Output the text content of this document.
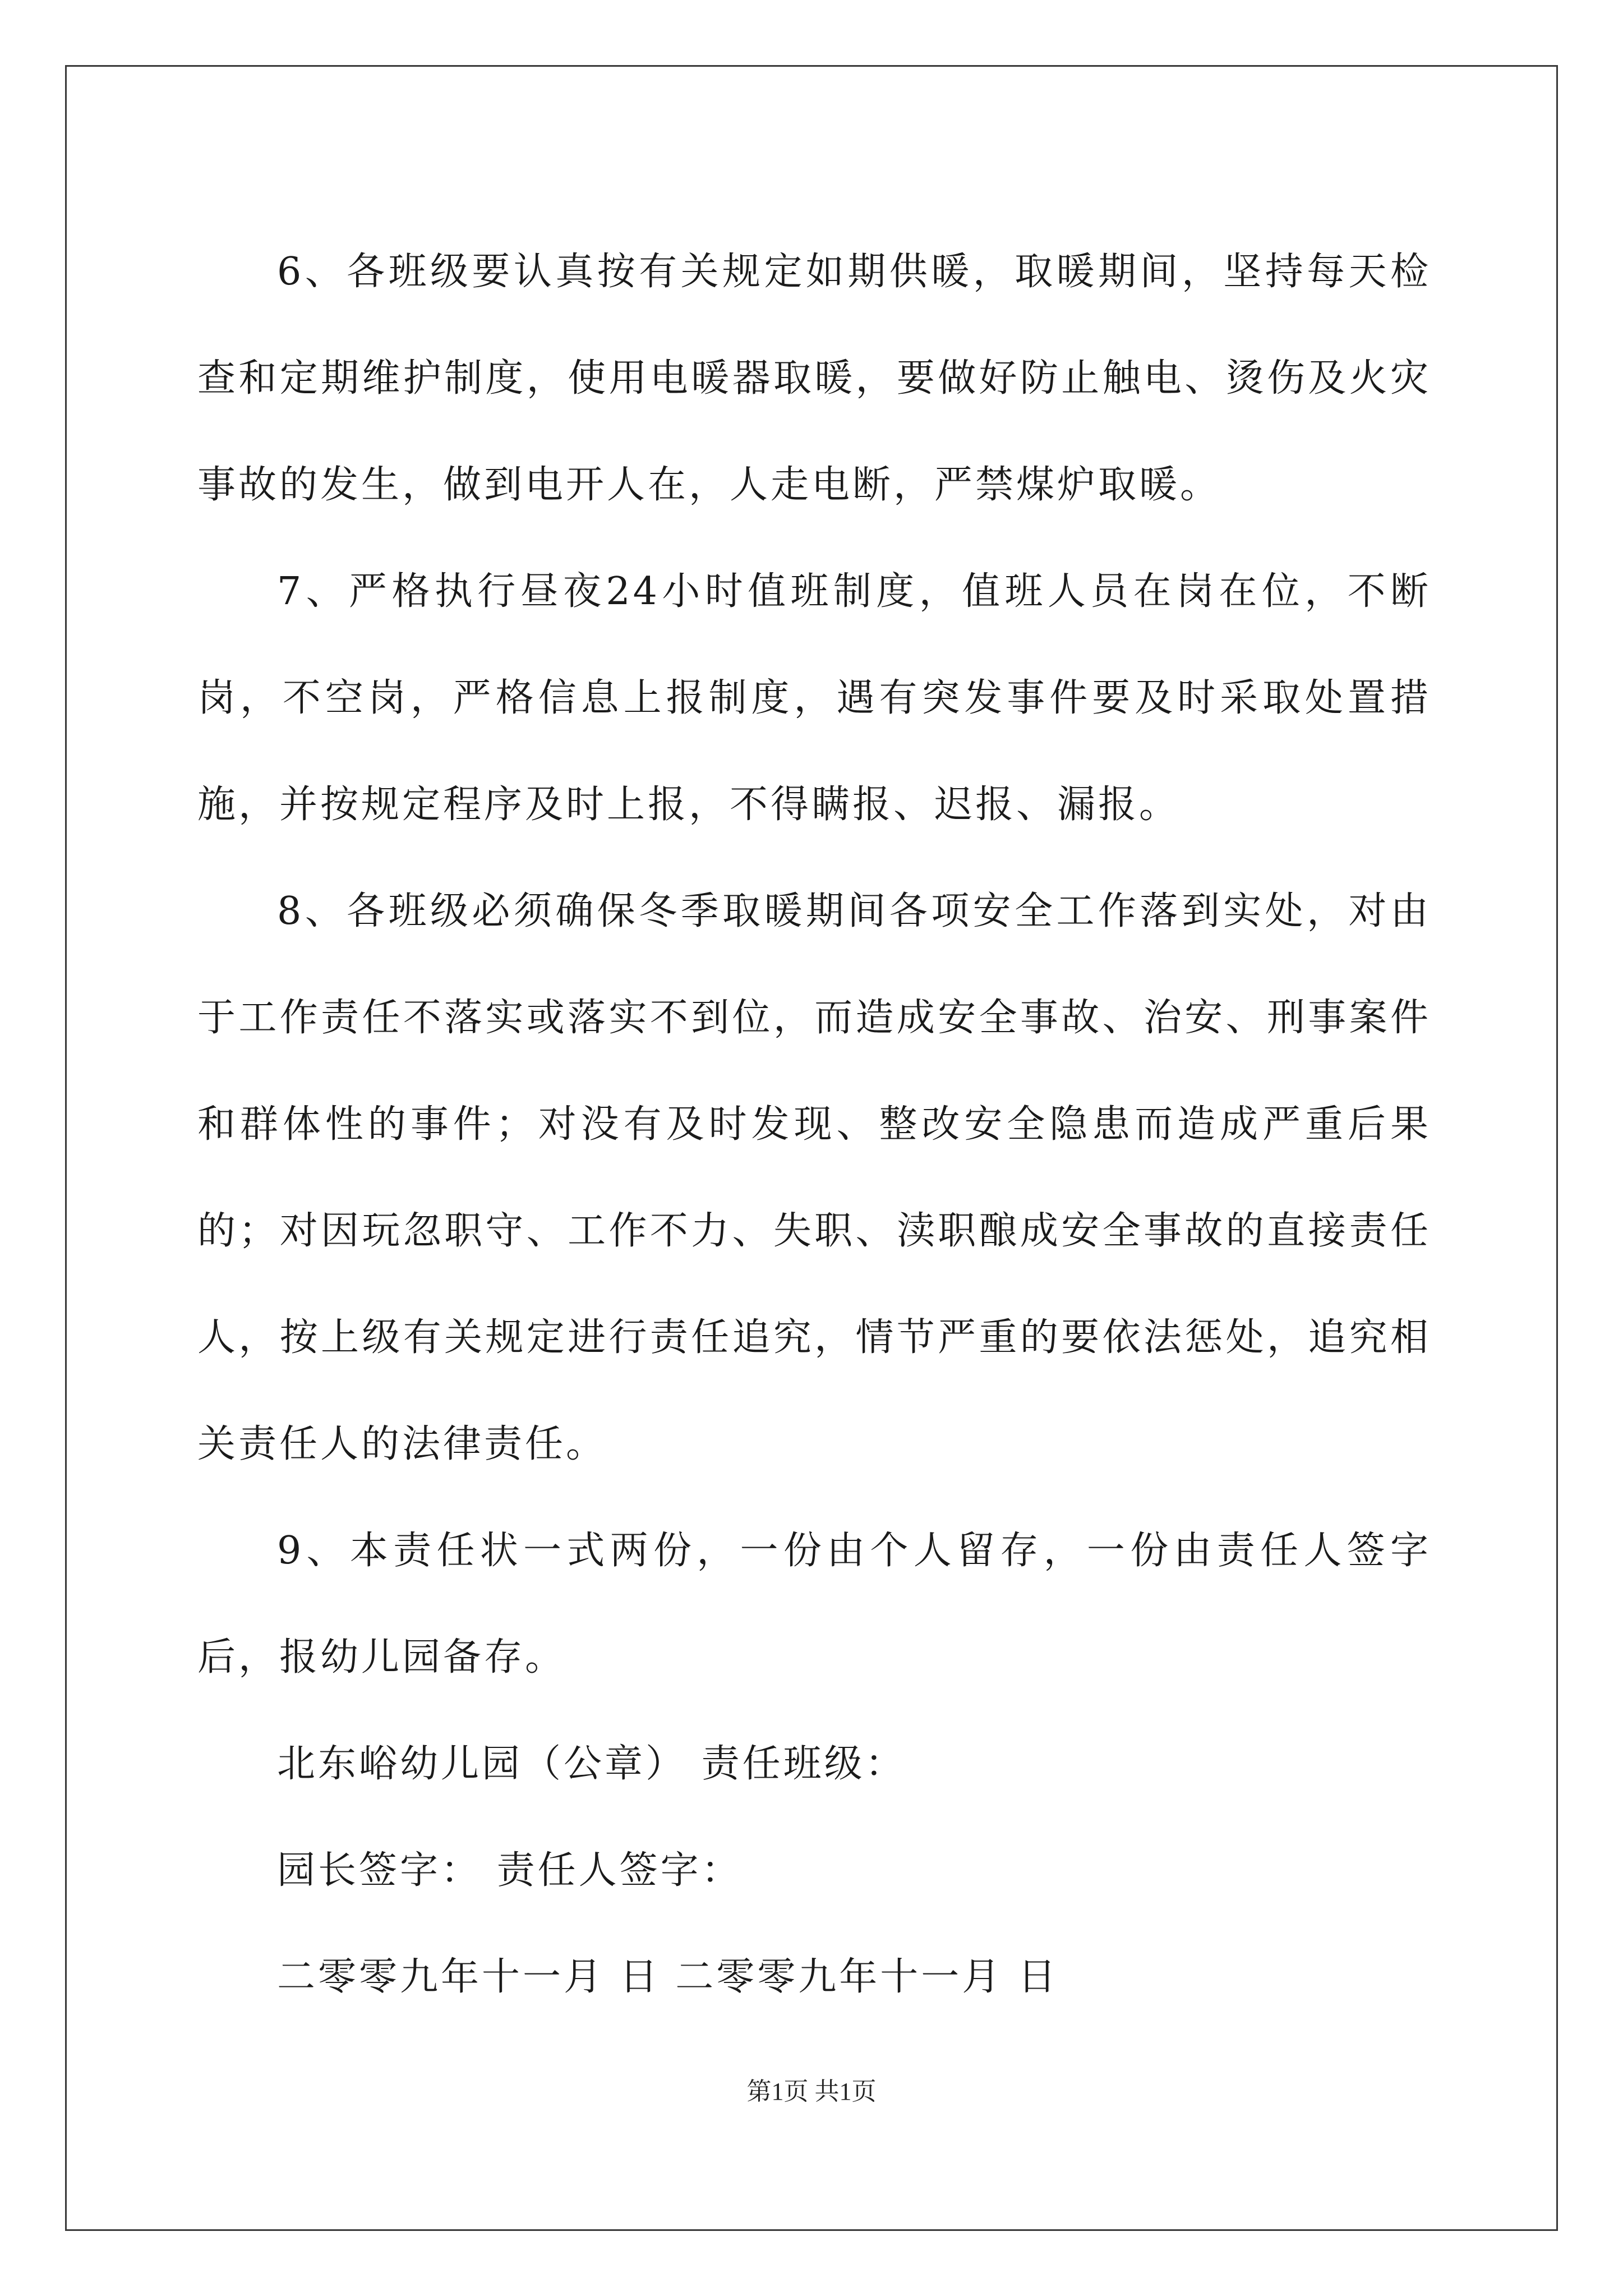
6、各班级要认真按有关规定如期供暖，取暖期间，坚持每天检查和定期维护制度，使用电暖器取暖，要做好防止触电、烫伤及火灾事故的发生，做到电开人在，人走电断，严禁煤炉取暖。

7、严格执行昼夜24小时值班制度，值班人员在岗在位，不断岗，不空岗，严格信息上报制度，遇有突发事件要及时采取处置措施，并按规定程序及时上报，不得瞒报、迟报、漏报。

8、各班级必须确保冬季取暖期间各项安全工作落到实处，对由于工作责任不落实或落实不到位，而造成安全事故、治安、刑事案件和群体性的事件；对没有及时发现、整改安全隐患而造成严重后果的；对因玩忽职守、工作不力、失职、渎职酿成安全事故的直接责任人，按上级有关规定进行责任追究，情节严重的要依法惩处，追究相关责任人的法律责任。

9、本责任状一式两份，一份由个人留存，一份由责任人签字后，报幼儿园备存。

北东峪幼儿园（公章） 责任班级：

园长签字： 责任人签字：

二零零九年十一月 日 二零零九年十一月 日

第1页 共1页
